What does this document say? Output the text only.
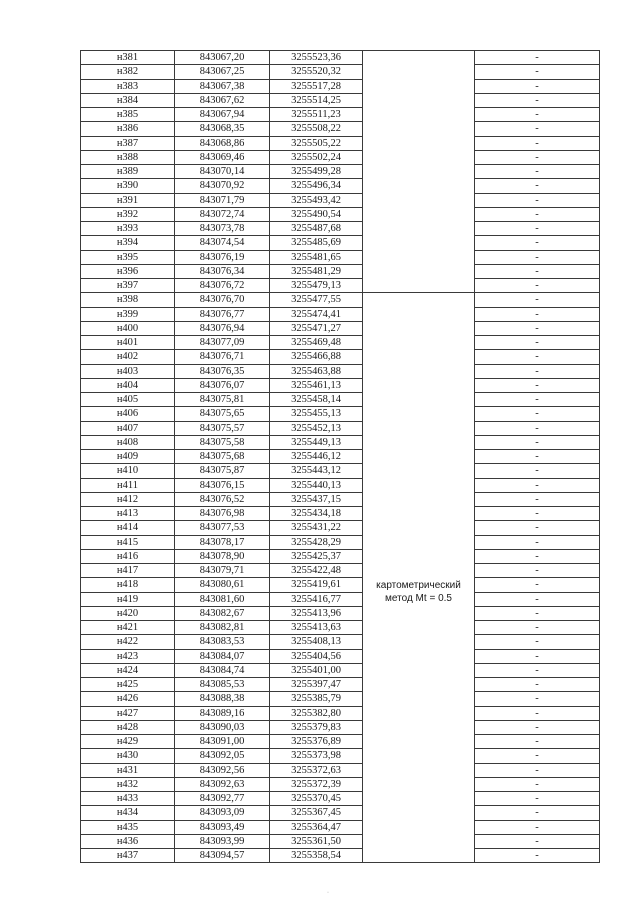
н381	843067,20	3255523,36		-
н382	843067,25	3255520,32		-
н383	843067,38	3255517,28		-
н384	843067,62	3255514,25		-
н385	843067,94	3255511,23		-
н386	843068,35	3255508,22		-
н387	843068,86	3255505,22		-
н388	843069,46	3255502,24		-
н389	843070,14	3255499,28		-
н390	843070,92	3255496,34		-
н391	843071,79	3255493,42		-
н392	843072,74	3255490,54		-
н393	843073,78	3255487,68		-
н394	843074,54	3255485,69		-
н395	843076,19	3255481,65		-
н396	843076,34	3255481,29		-
н397	843076,72	3255479,13		-
н398	843076,70	3255477,55		-
н399	843076,77	3255474,41		-
н400	843076,94	3255471,27		-
н401	843077,09	3255469,48		-
н402	843076,71	3255466,88		-
н403	843076,35	3255463,88		-
н404	843076,07	3255461,13		-
н405	843075,81	3255458,14		-
н406	843075,65	3255455,13		-
н407	843075,57	3255452,13		-
н408	843075,58	3255449,13		-
н409	843075,68	3255446,12		-
н410	843075,87	3255443,12		-
н411	843076,15	3255440,13		-
н412	843076,52	3255437,15		-
н413	843076,98	3255434,18		-
н414	843077,53	3255431,22		-
н415	843078,17	3255428,29		-
н416	843078,90	3255425,37		-
н417	843079,71	3255422,48		-
н418	843080,61	3255419,61	картометрический
метод Mt = 0.5	-
н419	843081,60	3255416,77		-
н420	843082,67	3255413,96		-
н421	843082,81	3255413,63		-
н422	843083,53	3255408,13		-
н423	843084,07	3255404,56		-
н424	843084,74	3255401,00		-
н425	843085,53	3255397,47		-
н426	843088,38	3255385,79		-
н427	843089,16	3255382,80		-
н428	843090,03	3255379,83		-
н429	843091,00	3255376,89		-
н430	843092,05	3255373,98		-
н431	843092,56	3255372,63		-
н432	843092,63	3255372,39		-
н433	843092,77	3255370,45		-
н434	843093,09	3255367,45		-
н435	843093,49	3255364,47		-
н436	843093,99	3255361,50		-
н437	843094,57	3255358,54		-
·
